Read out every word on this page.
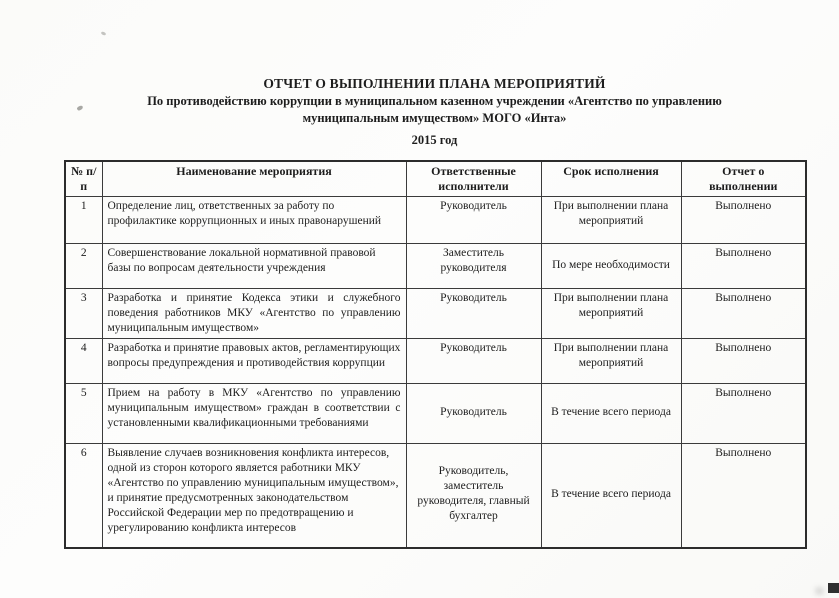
ОТЧЕТ О ВЫПОЛНЕНИИ ПЛАНА МЕРОПРИЯТИЙ
По противодействию коррупции в муниципальном казенном учреждении «Агентство по управлению
муниципальным имуществом» МОГО «Инта»
2015 год
№ п/п	Наименование мероприятия	Ответственные исполнители	Срок исполнения	Отчет о выполнении
1	Определение лиц, ответственных за работу по профилактике коррупционных и иных правонарушений	Руководитель	При выполнении плана мероприятий	Выполнено
2	Совершенствование локальной нормативной правовой базы по вопросам деятельности учреждения	Заместитель руководителя	По мере необходимости	Выполнено
3	Разработка и принятие Кодекса этики и служебного поведения работников МКУ «Агентство по управлению муниципальным имуществом»	Руководитель	При выполнении плана мероприятий	Выполнено
4	Разработка и принятие правовых актов, регламентирующих вопросы предупреждения и противодействия коррупции	Руководитель	При выполнении плана мероприятий	Выполнено
5	Прием на работу в МКУ «Агентство по управлению муниципальным имуществом» граждан в соответствии с установленными квалификационными требованиями	Руководитель	В течение всего периода	Выполнено
6	Выявление случаев возникновения конфликта интересов, одной из сторон которого является работники МКУ «Агентство по управлению муниципальным имуществом», и принятие предусмотренных законодательством Российской Федерации мер по предотвращению и урегулированию конфликта интересов	Руководитель, заместитель руководителя, главный бухгалтер	В течение всего периода	Выполнено
